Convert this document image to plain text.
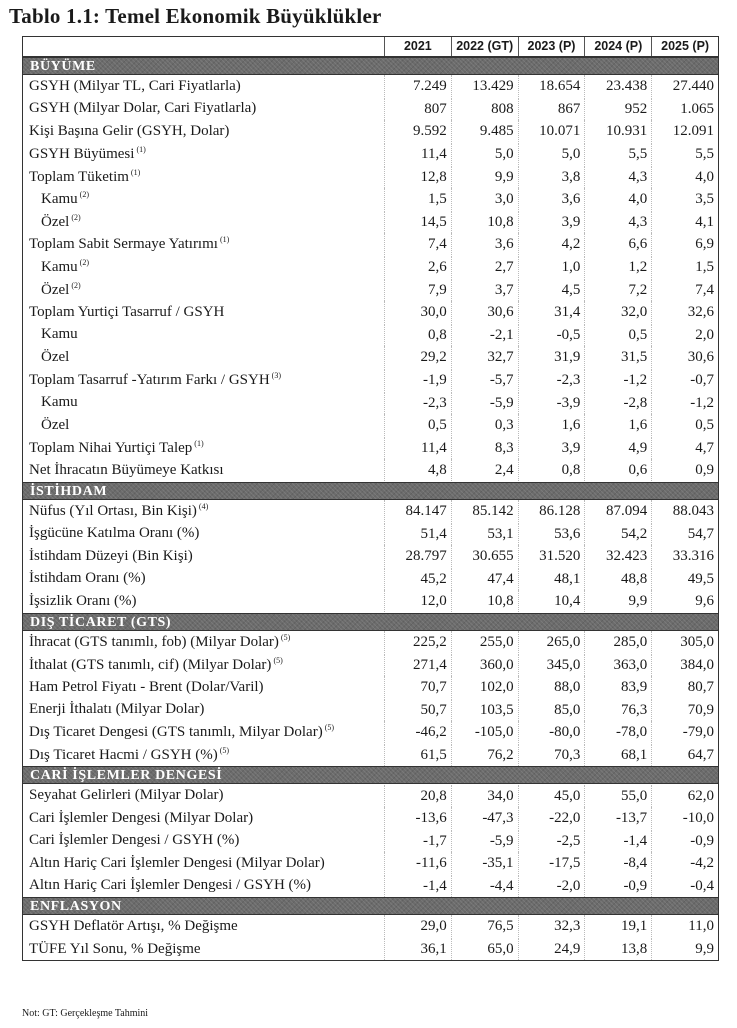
Tablo 1.1: Temel Ekonomik Büyüklükler
2021	2022 (GT)	2023 (P)	2024 (P)	2025 (P)
BÜYÜME
GSYH (Milyar TL, Cari Fiyatlarla)	7.249	13.429	18.654	23.438	27.440
GSYH (Milyar Dolar, Cari Fiyatlarla)	807	808	867	952	1.065
Kişi Başına Gelir (GSYH, Dolar)	9.592	9.485	10.071	10.931	12.091
GSYH Büyümesi $^{(1)}$	11,4	5,0	5,0	5,5	5,5
Toplam Tüketim $^{(1)}$	12,8	9,9	3,8	4,3	4,0
Kamu $^{(2)}$	1,5	3,0	3,6	4,0	3,5
Özel $^{(2)}$	14,5	10,8	3,9	4,3	4,1
Toplam Sabit Sermaye Yatırımı $^{(1)}$	7,4	3,6	4,2	6,6	6,9
Kamu $^{(2)}$	2,6	2,7	1,0	1,2	1,5
Özel $^{(2)}$	7,9	3,7	4,5	7,2	7,4
Toplam Yurtiçi Tasarruf / GSYH	30,0	30,6	31,4	32,0	32,6
Kamu	0,8	-2,1	-0,5	0,5	2,0
Özel	29,2	32,7	31,9	31,5	30,6
Toplam Tasarruf -Yatırım Farkı / GSYH $^{(3)}$	-1,9	-5,7	-2,3	-1,2	-0,7
Kamu	-2,3	-5,9	-3,9	-2,8	-1,2
Özel	0,5	0,3	1,6	1,6	0,5
Toplam Nihai Yurtiçi Talep $^{(1)}$	11,4	8,3	3,9	4,9	4,7
Net İhracatın Büyümeye Katkısı	4,8	2,4	0,8	0,6	0,9
İSTİHDAM
Nüfus (Yıl Ortası, Bin Kişi) $^{(4)}$	84.147	85.142	86.128	87.094	88.043
İşgücüne Katılma Oranı (%)	51,4	53,1	53,6	54,2	54,7
İstihdam Düzeyi (Bin Kişi)	28.797	30.655	31.520	32.423	33.316
İstihdam Oranı (%)	45,2	47,4	48,1	48,8	49,5
İşsizlik Oranı (%)	12,0	10,8	10,4	9,9	9,6
DIŞ TİCARET (GTS)
İhracat (GTS tanımlı, fob) (Milyar Dolar) $^{(5)}$	225,2	255,0	265,0	285,0	305,0
İthalat (GTS tanımlı, cif) (Milyar Dolar) $^{(5)}$	271,4	360,0	345,0	363,0	384,0
Ham Petrol Fiyatı - Brent (Dolar/Varil)	70,7	102,0	88,0	83,9	80,7
Enerji İthalatı (Milyar Dolar)	50,7	103,5	85,0	76,3	70,9
Dış Ticaret Dengesi (GTS tanımlı, Milyar Dolar) $^{(5)}$	-46,2	-105,0	-80,0	-78,0	-79,0
Dış Ticaret Hacmi / GSYH (%) $^{(5)}$	61,5	76,2	70,3	68,1	64,7
CARİ İŞLEMLER DENGESİ
Seyahat Gelirleri (Milyar Dolar)	20,8	34,0	45,0	55,0	62,0
Cari İşlemler Dengesi (Milyar Dolar)	-13,6	-47,3	-22,0	-13,7	-10,0
Cari İşlemler Dengesi / GSYH (%)	-1,7	-5,9	-2,5	-1,4	-0,9
Altın Hariç Cari İşlemler Dengesi (Milyar Dolar)	-11,6	-35,1	-17,5	-8,4	-4,2
Altın Hariç Cari İşlemler Dengesi / GSYH (%)	-1,4	-4,4	-2,0	-0,9	-0,4
ENFLASYON
GSYH Deflatör Artışı, % Değişme	29,0	76,5	32,3	19,1	11,0
TÜFE Yıl Sonu, % Değişme	36,1	65,0	24,9	13,8	9,9
Not: GT: Gerçekleşme Tahmini
